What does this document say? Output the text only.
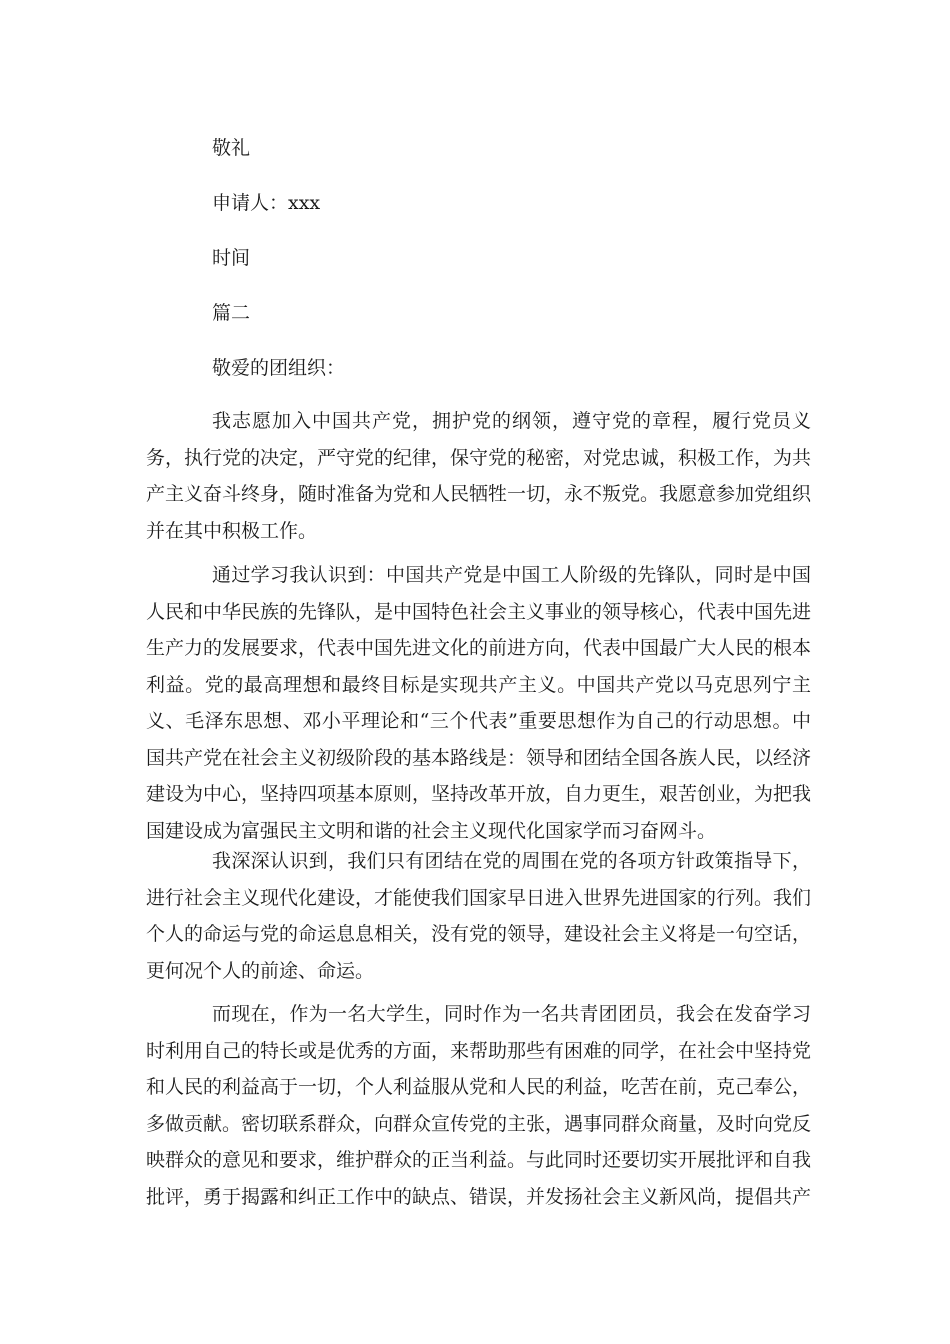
敬礼
申请人：xxx
时间
篇二
敬爱的团组织：

我志愿加入中国共产党，拥护党的纲领，遵守党的章程，履行党员义务，执行党的决定，严守党的纪律，保守党的秘密，对党忠诚，积极工作，为共产主义奋斗终身，随时准备为党和人民牺牲一切，永不叛党。我愿意参加党组织并在其中积极工作。

通过学习我认识到：中国共产党是中国工人阶级的先锋队，同时是中国人民和中华民族的先锋队，是中国特色社会主义事业的领导核心，代表中国先进生产力的发展要求，代表中国先进文化的前进方向，代表中国最广大人民的根本利益。党的最高理想和最终目标是实现共产主义。中国共产党以马克思列宁主义、毛泽东思想、邓小平理论和“三个代表”重要思想作为自己的行动思想。中国共产党在社会主义初级阶段的基本路线是：领导和团结全国各族人民，以经济建设为中心，坚持四项基本原则，坚持改革开放，自力更生，艰苦创业，为把我国建设成为富强民主文明和谐的社会主义现代化国家学而习奋网斗。

我深深认识到，我们只有团结在党的周围在党的各项方针政策指导下，进行社会主义现代化建设，才能使我们国家早日进入世界先进国家的行列。我们个人的命运与党的命运息息相关，没有党的领导，建设社会主义将是一句空话，更何况个人的前途、命运。

而现在，作为一名大学生，同时作为一名共青团团员，我会在发奋学习时利用自己的特长或是优秀的方面，来帮助那些有困难的同学，在社会中坚持党和人民的利益高于一切，个人利益服从党和人民的利益，吃苦在前，克己奉公，多做贡献。密切联系群众，向群众宣传党的主张，遇事同群众商量，及时向党反映群众的意见和要求，维护群众的正当利益。与此同时还要切实开展批评和自我批评，勇于揭露和纠正工作中的缺点、错误，并发扬社会主义新风尚，提倡共产
